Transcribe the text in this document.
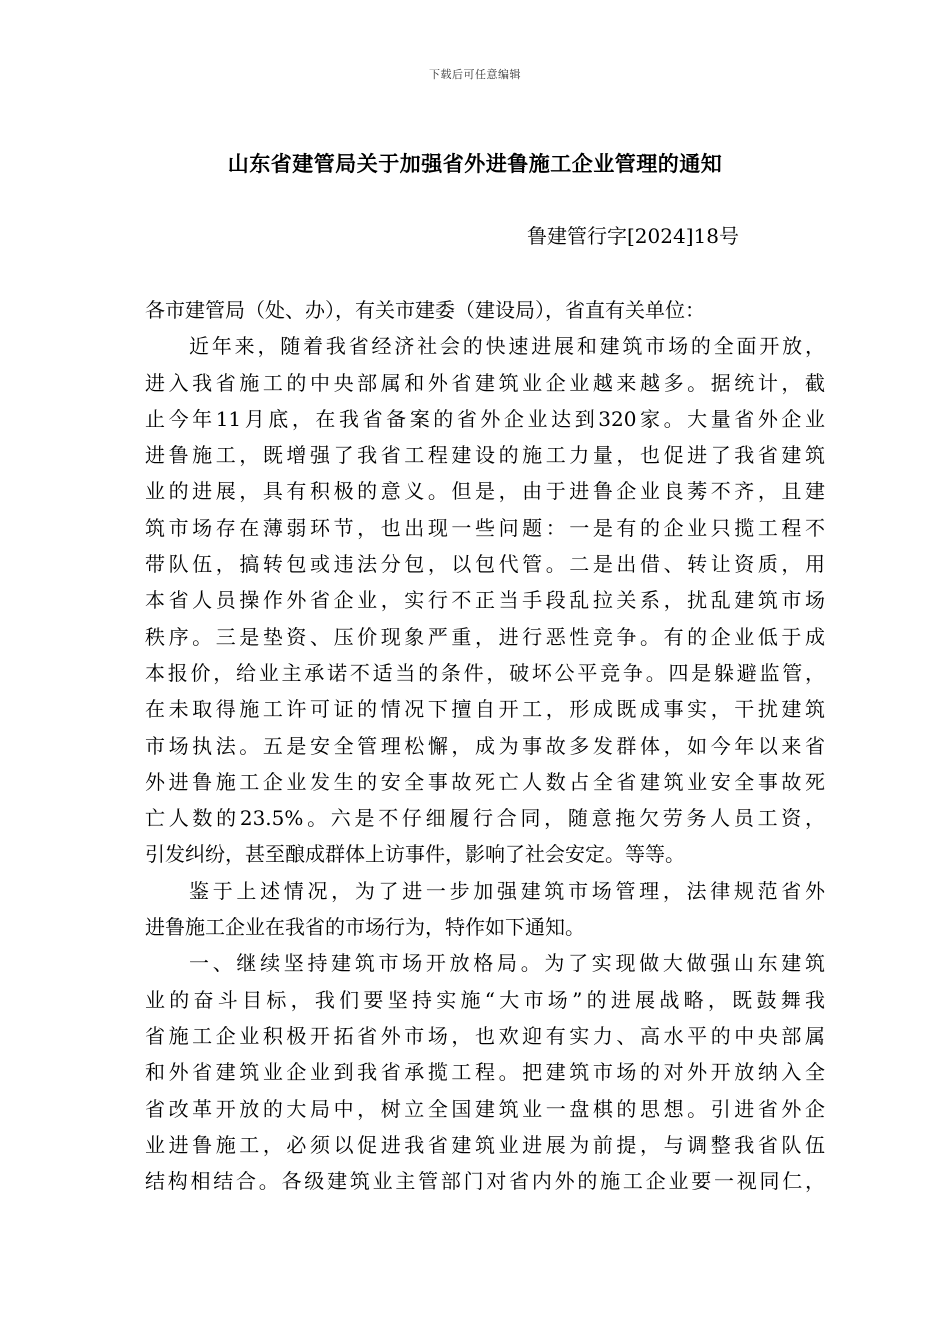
下载后可任意编辑
山东省建管局关于加强省外进鲁施工企业管理的通知
鲁建管行字[2024]18号
各市建管局（处、办），有关市建委（建设局），省直有关单位：
近年来，随着我省经济社会的快速进展和建筑市场的全面开放，
进入我省施工的中央部属和外省建筑业企业越来越多。据统计，截
止今年11月底，在我省备案的省外企业达到320家。大量省外企业
进鲁施工，既增强了我省工程建设的施工力量，也促进了我省建筑
业的进展，具有积极的意义。但是，由于进鲁企业良莠不齐，且建
筑市场存在薄弱环节，也出现一些问题：一是有的企业只揽工程不
带队伍，搞转包或违法分包，以包代管。二是出借、转让资质，用
本省人员操作外省企业，实行不正当手段乱拉关系，扰乱建筑市场
秩序。三是垫资、压价现象严重，进行恶性竞争。有的企业低于成
本报价，给业主承诺不适当的条件，破坏公平竞争。四是躲避监管，
在未取得施工许可证的情况下擅自开工，形成既成事实，干扰建筑
市场执法。五是安全管理松懈，成为事故多发群体，如今年以来省
外进鲁施工企业发生的安全事故死亡人数占全省建筑业安全事故死
亡人数的23.5%。六是不仔细履行合同，随意拖欠劳务人员工资，
引发纠纷，甚至酿成群体上访事件，影响了社会安定。等等。
鉴于上述情况，为了进一步加强建筑市场管理，法律规范省外
进鲁施工企业在我省的市场行为，特作如下通知。
一、继续坚持建筑市场开放格局。为了实现做大做强山东建筑
业的奋斗目标，我们要坚持实施“大市场”的进展战略，既鼓舞我
省施工企业积极开拓省外市场，也欢迎有实力、高水平的中央部属
和外省建筑业企业到我省承揽工程。把建筑市场的对外开放纳入全
省改革开放的大局中，树立全国建筑业一盘棋的思想。引进省外企
业进鲁施工，必须以促进我省建筑业进展为前提，与调整我省队伍
结构相结合。各级建筑业主管部门对省内外的施工企业要一视同仁，
